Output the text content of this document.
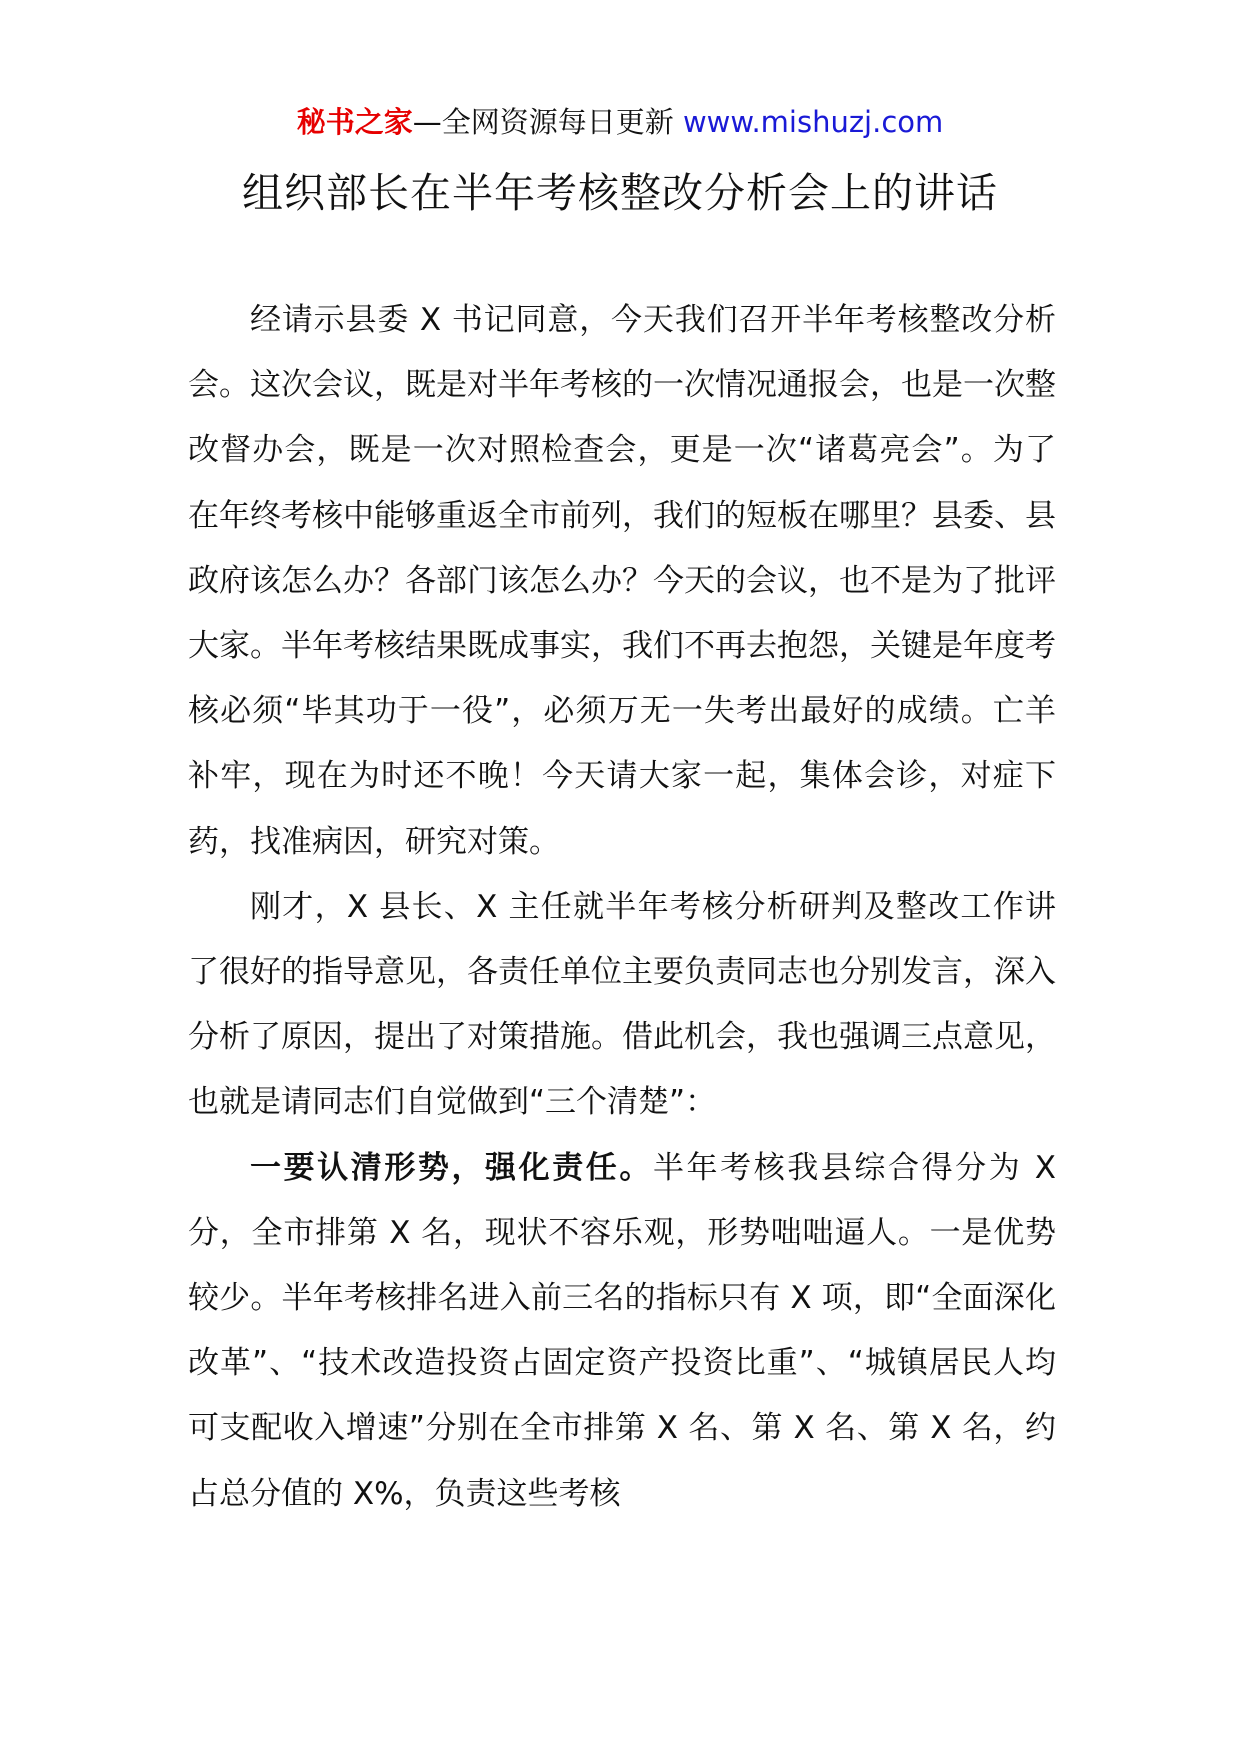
秘书之家—全网资源每日更新 www.mishuzj.com
组织部长在半年考核整改分析会上的讲话

经请示县委 X 书记同意，今天我们召开半年考核整改分析会。这次会议，既是对半年考核的一次情况通报会，也是一次整改督办会，既是一次对照检查会，更是一次“诸葛亮会”。为了在年终考核中能够重返全市前列，我们的短板在哪里？县委、县政府该怎么办？各部门该怎么办？今天的会议，也不是为了批评大家。半年考核结果既成事实，我们不再去抱怨，关键是年度考核必须“毕其功于一役”，必须万无一失考出最好的成绩。亡羊补牢，现在为时还不晚！今天请大家一起，集体会诊，对症下药，找准病因，研究对策。

刚才，X 县长、X 主任就半年考核分析研判及整改工作讲了很好的指导意见，各责任单位主要负责同志也分别发言，深入分析了原因，提出了对策措施。借此机会，我也强调三点意见，也就是请同志们自觉做到“三个清楚”：

一要认清形势，强化责任。半年考核我县综合得分为 X 分，全市排第 X 名，现状不容乐观，形势咄咄逼人。一是优势较少。半年考核排名进入前三名的指标只有 X 项，即“全面深化改革”、“技术改造投资占固定资产投资比重”、“城镇居民人均可支配收入增速”分别在全市排第 X 名、第 X 名、第 X 名，约占总分值的 X%，负责这些考核
